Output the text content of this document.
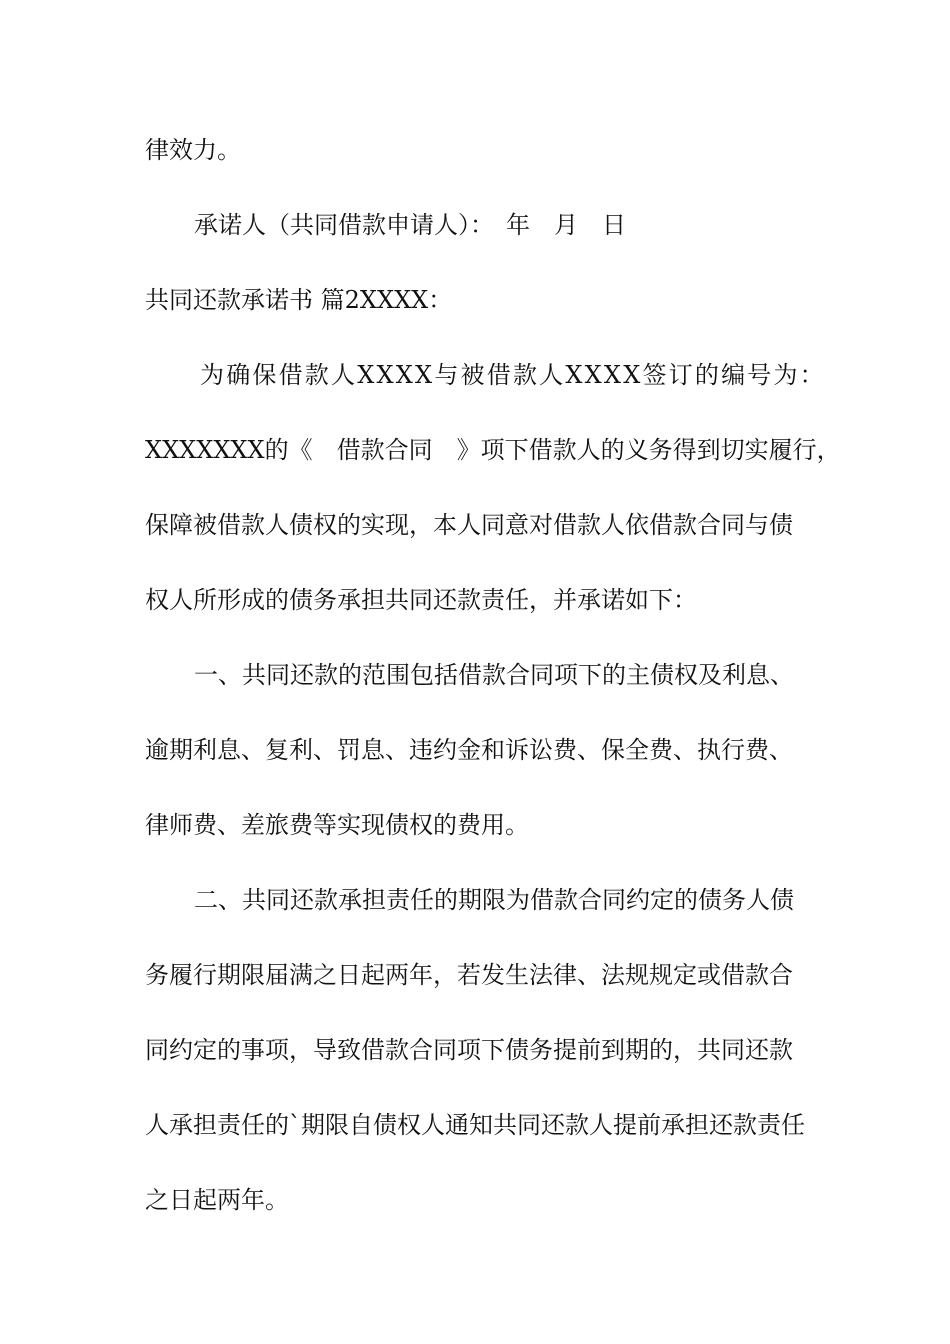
律效力。

承诺人（共同借款申请人）：　年　月　日

共同还款承诺书 篇2XXXX：

为确保借款人XXXX与被借款人XXXX签订的编号为：

XXXXXXX的《　借款合同　》项下借款人的义务得到切实履行，

保障被借款人债权的实现，本人同意对借款人依借款合同与债

权人所形成的债务承担共同还款责任，并承诺如下：

一、共同还款的范围包括借款合同项下的主债权及利息、

逾期利息、复利、罚息、违约金和诉讼费、保全费、执行费、

律师费、差旅费等实现债权的费用。

二、共同还款承担责任的期限为借款合同约定的债务人债

务履行期限届满之日起两年，若发生法律、法规规定或借款合

同约定的事项，导致借款合同项下债务提前到期的，共同还款

人承担责任的`期限自债权人通知共同还款人提前承担还款责任

之日起两年。
